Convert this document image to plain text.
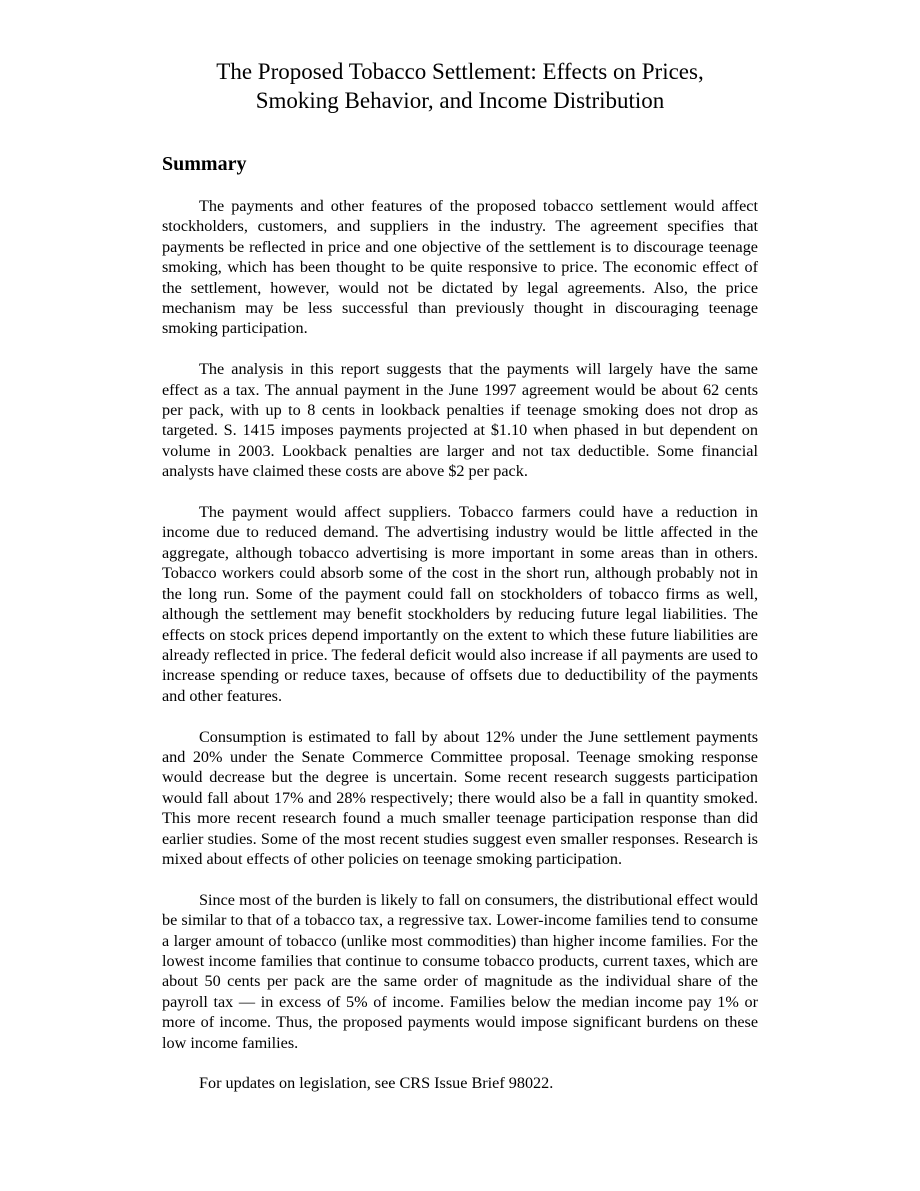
The Proposed Tobacco Settlement: Effects on Prices,
Smoking Behavior, and Income Distribution
Summary

The payments and other features of the proposed tobacco settlement would affect stockholders, customers, and suppliers in the industry. The agreement specifies that payments be reflected in price and one objective of the settlement is to discourage teenage smoking, which has been thought to be quite responsive to price. The economic effect of the settlement, however, would not be dictated by legal agreements. Also, the price mechanism may be less successful than previously thought in discouraging teenage smoking participation.

The analysis in this report suggests that the payments will largely have the same effect as a tax. The annual payment in the June 1997 agreement would be about 62 cents per pack, with up to 8 cents in lookback penalties if teenage smoking does not drop as targeted. S. 1415 imposes payments projected at $1.10 when phased in but dependent on volume in 2003. Lookback penalties are larger and not tax deductible. Some financial analysts have claimed these costs are above $2 per pack.

The payment would affect suppliers. Tobacco farmers could have a reduction in income due to reduced demand. The advertising industry would be little affected in the aggregate, although tobacco advertising is more important in some areas than in others. Tobacco workers could absorb some of the cost in the short run, although probably not in the long run. Some of the payment could fall on stockholders of tobacco firms as well, although the settlement may benefit stockholders by reducing future legal liabilities. The effects on stock prices depend importantly on the extent to which these future liabilities are already reflected in price. The federal deficit would also increase if all payments are used to increase spending or reduce taxes, because of offsets due to deductibility of the payments and other features.

Consumption is estimated to fall by about 12% under the June settlement payments and 20% under the Senate Commerce Committee proposal. Teenage smoking response would decrease but the degree is uncertain. Some recent research suggests participation would fall about 17% and 28% respectively; there would also be a fall in quantity smoked. This more recent research found a much smaller teenage participation response than did earlier studies. Some of the most recent studies suggest even smaller responses. Research is mixed about effects of other policies on teenage smoking participation.

Since most of the burden is likely to fall on consumers, the distributional effect would be similar to that of a tobacco tax, a regressive tax. Lower-income families tend to consume a larger amount of tobacco (unlike most commodities) than higher income families. For the lowest income families that continue to consume tobacco products, current taxes, which are about 50 cents per pack are the same order of magnitude as the individual share of the payroll tax — in excess of 5% of income. Families below the median income pay 1% or more of income. Thus, the proposed payments would impose significant burdens on these low income families.

For updates on legislation, see CRS Issue Brief 98022.
